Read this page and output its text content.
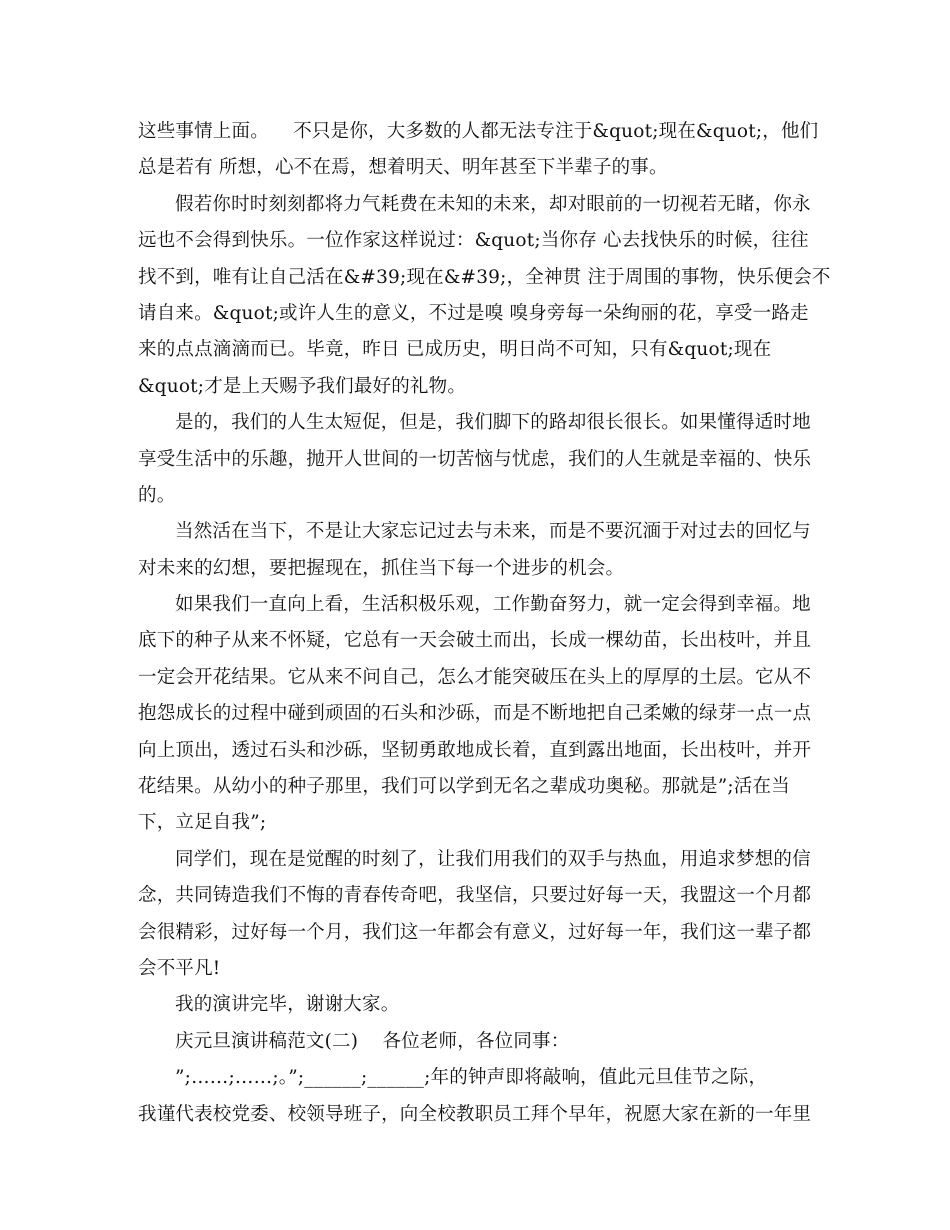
这些事情上面。    不只是你，大多数的人都无法专注于&quot;现在&quot;，他们
总是若有 所想，心不在焉，想着明天、明年甚至下半辈子的事。
假若你时时刻刻都将力气耗费在未知的未来，却对眼前的一切视若无睹，你永
远也不会得到快乐。一位作家这样说过：&quot;当你存 心去找快乐的时候，往往
找不到，唯有让自己活在&#39;现在&#39;，全神贯 注于周围的事物，快乐便会不
请自来。&quot;或许人生的意义，不过是嗅 嗅身旁每一朵绚丽的花，享受一路走
来的点点滴滴而已。毕竟，昨日 已成历史，明日尚不可知，只有&quot;现在
&quot;才是上天赐予我们最好的礼物。
是的，我们的人生太短促，但是，我们脚下的路却很长很长。如果懂得适时地
享受生活中的乐趣，抛开人世间的一切苦恼与忧虑，我们的人生就是幸福的、快乐
的。
当然活在当下，不是让大家忘记过去与未来，而是不要沉湎于对过去的回忆与
对未来的幻想，要把握现在，抓住当下每一个进步的机会。
如果我们一直向上看，生活积极乐观，工作勤奋努力，就一定会得到幸福。地
底下的种子从来不怀疑，它总有一天会破土而出，长成一棵幼苗，长出枝叶，并且
一定会开花结果。它从来不问自己，怎么才能突破压在头上的厚厚的土层。它从不
抱怨成长的过程中碰到顽固的石头和沙砾，而是不断地把自己柔嫩的绿芽一点一点
向上顶出，透过石头和沙砾，坚韧勇敢地成长着，直到露出地面，长出枝叶，并开
花结果。从幼小的种子那里，我们可以学到无名之辈成功奥秘。那就是”;活在当
下，立足自我”;
同学们，现在是觉醒的时刻了，让我们用我们的双手与热血，用追求梦想的信
念，共同铸造我们不悔的青春传奇吧，我坚信，只要过好每一天，我盟这一个月都
会很精彩，过好每一个月，我们这一年都会有意义，过好每一年，我们这一辈子都
会不平凡!
我的演讲完毕，谢谢大家。
庆元旦演讲稿范文(二)    各位老师，各位同事：
”;……;……;。”;______;______;年的钟声即将敲响，值此元旦佳节之际，
我谨代表校党委、校领导班子，向全校教职员工拜个早年，祝愿大家在新的一年里
